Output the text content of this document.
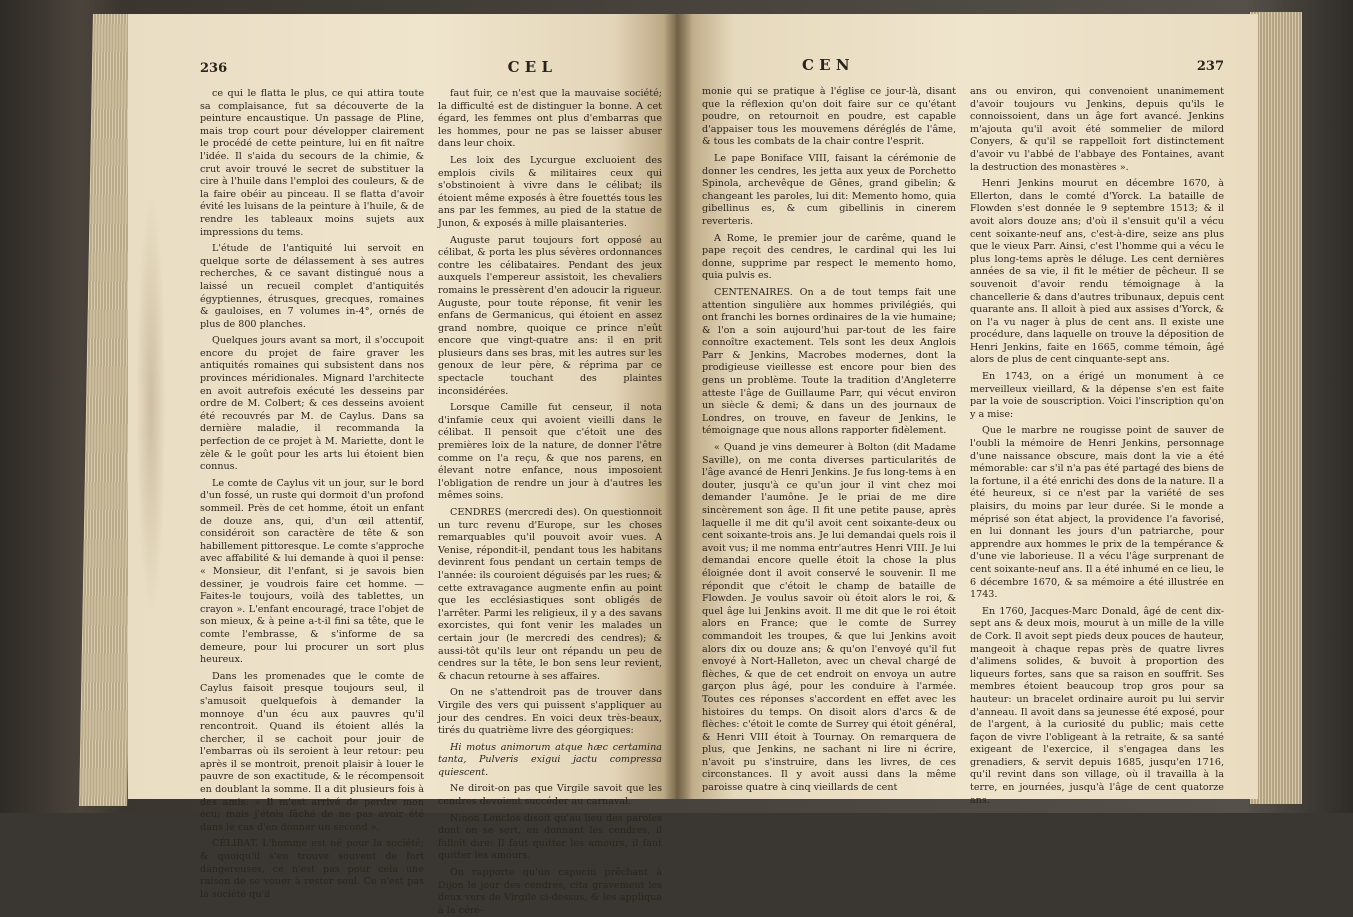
236	C E L

ce qui le flatta le plus, ce qui attira toute sa complaisance, fut sa découverte de la peinture encaustique. Un passage de Pline, mais trop court pour développer clairement le procédé de cette peinture, lui en fit naître l'idée. Il s'aida du secours de la chimie, & crut avoir trouvé le secret de substituer la cire à l'huile dans l'emploi des couleurs, & de la faire obéir au pinceau. Il se flatta d'avoir évité les luisans de la peinture à l'huile, & de rendre les tableaux moins sujets aux impressions du tems.

L'étude de l'antiquité lui servoit en quelque sorte de délassement à ses autres recherches, & ce savant distingué nous a laissé un recueil complet d'antiquités égyptiennes, étrusques, grecques, romaines & gauloises, en 7 volumes in-4°, ornés de plus de 800 planches.

Quelques jours avant sa mort, il s'occupoit encore du projet de faire graver les antiquités romaines qui subsistent dans nos provinces méridionales. Mignard l'architecte en avoit autrefois exécuté les desseins par ordre de M. Colbert; & ces desseins avoient été recouvrés par M. de Caylus. Dans sa dernière maladie, il recommanda la perfection de ce projet à M. Mariette, dont le zèle & le goût pour les arts lui étoient bien connus.

Le comte de Caylus vit un jour, sur le bord d'un fossé, un ruste qui dormoit d'un profond sommeil. Près de cet homme, étoit un enfant de douze ans, qui, d'un œil attentif, considéroit son caractère de tête & son habillement pittoresque. Le comte s'approche avec affabilité & lui demande à quoi il pense: « Monsieur, dit l'enfant, si je savois bien dessiner, je voudrois faire cet homme. — Faites-le toujours, voilà des tablettes, un crayon ». L'enfant encouragé, trace l'objet de son mieux, & à peine a-t-il fini sa tête, que le comte l'embrasse, & s'informe de sa demeure, pour lui procurer un sort plus heureux.

Dans les promenades que le comte de Caylus faisoit presque toujours seul, il s'amusoit quelquefois à demander la monnoye d'un écu aux pauvres qu'il rencontroit. Quand ils étoient allés la chercher, il se cachoit pour jouir de l'embarras où ils seroient à leur retour: peu après il se montroit, prenoit plaisir à louer le pauvre de son exactitude, & le récompensoit en doublant la somme. Il a dit plusieurs fois à des amis: « Il m'est arrivé de perdre mon écu; mais j'étois fâché de ne pas avoir été dans le cas d'en donner un second ».

CÉLIBAT. L'homme est né pour la société; & quoiqu'il s'en trouve souvent de fort dangereuses, ce n'est pas pour cela une raison de se vouer à rester seul. Ce n'est pas la société qu'il

faut fuir, ce n'est que la mauvaise société; la difficulté est de distinguer la bonne. A cet égard, les femmes ont plus d'embarras que les hommes, pour ne pas se laisser abuser dans leur choix.

Les loix des Lycurgue excluoient des emplois civils & militaires ceux qui s'obstinoient à vivre dans le célibat; ils étoient même exposés à être fouettés tous les ans par les femmes, au pied de la statue de Junon, & exposés à mille plaisanteries.

Auguste parut toujours fort opposé au célibat, & porta les plus sévères ordonnances contre les célibataires. Pendant des jeux auxquels l'empereur assistoit, les chevaliers romains le pressèrent d'en adoucir la rigueur. Auguste, pour toute réponse, fit venir les enfans de Germanicus, qui étoient en assez grand nombre, quoique ce prince n'eût encore que vingt-quatre ans: il en prit plusieurs dans ses bras, mit les autres sur les genoux de leur père, & réprima par ce spectacle touchant des plaintes inconsidérées.

Lorsque Camille fut censeur, il nota d'infamie ceux qui avoient vieilli dans le célibat. Il pensoit que c'étoit une des premières loix de la nature, de donner l'être comme on l'a reçu, & que nos parens, en élevant notre enfance, nous imposoient l'obligation de rendre un jour à d'autres les mêmes soins.

CENDRES (mercredi des). On questionnoit un turc revenu d'Europe, sur les choses remarquables qu'il pouvoit avoir vues. A Venise, répondit-il, pendant tous les habitans devinrent fous pendant un certain temps de l'année: ils couroient déguisés par les rues; & cette extravagance augmente enfin au point que les ecclésiastiques sont obligés de l'arrêter. Parmi les religieux, il y a des savans exorcistes, qui font venir les malades un certain jour (le mercredi des cendres); & aussi-tôt qu'ils leur ont répandu un peu de cendres sur la tête, le bon sens leur revient, & chacun retourne à ses affaires.

On ne s'attendroit pas de trouver dans Virgile des vers qui puissent s'appliquer au jour des cendres. En voici deux très-beaux, tirés du quatrième livre des géorgiques:

Hi motus animorum atque hæc certamina tanta, Pulveris exigui jactu compressa quiescent.

Ne diroit-on pas que Virgile savoit que les cendres devoient succéder au carnaval.

Ninon Lenclos disoit qu'au lieu des paroles dont on se sert, en donnant les cendres, il falloit dire: Il faut quitter les amours, il faut quitter les amours.

On rapporte qu'un capucin prêchant à Dijon le jour des cendres, cita gravement les deux vers de Virgile ci-dessus, & les appliqua à la céré-

C E N	237

monie qui se pratique à l'église ce jour-là, disant que la réflexion qu'on doit faire sur ce qu'étant poudre, on retournoit en poudre, est capable d'appaiser tous les mouvemens déréglés de l'âme, & tous les combats de la chair contre l'esprit.

Le pape Boniface VIII, faisant la cérémonie de donner les cendres, les jetta aux yeux de Porchetto Spinola, archevêque de Gênes, grand gibelin; & changeant les paroles, lui dit: Memento homo, quia gibellinus es, & cum gibellinis in cinerem reverteris.

A Rome, le premier jour de carême, quand le pape reçoit des cendres, le cardinal qui les lui donne, supprime par respect le memento homo, quia pulvis es.

CENTENAIRES. On a de tout temps fait une attention singulière aux hommes privilégiés, qui ont franchi les bornes ordinaires de la vie humaine; & l'on a soin aujourd'hui par-tout de les faire connoître exactement. Tels sont les deux Anglois Parr & Jenkins, Macrobes modernes, dont la prodigieuse vieillesse est encore pour bien des gens un problème. Toute la tradition d'Angleterre atteste l'âge de Guillaume Parr, qui vécut environ un siècle & demi; & dans un des journaux de Londres, on trouve, en faveur de Jenkins, le témoignage que nous allons rapporter fidèlement.

« Quand je vins demeurer à Bolton (dit Madame Saville), on me conta diverses particularités de l'âge avancé de Henri Jenkins. Je fus long-tems à en douter, jusqu'à ce qu'un jour il vint chez moi demander l'aumône. Je le priai de me dire sincèrement son âge. Il fit une petite pause, après laquelle il me dit qu'il avoit cent soixante-deux ou cent soixante-trois ans. Je lui demandai quels rois il avoit vus; il me nomma entr'autres Henri VIII. Je lui demandai encore quelle étoit la chose la plus éloignée dont il avoit conservé le souvenir. Il me répondit que c'étoit le champ de bataille de Flowden. Je voulus savoir où étoit alors le roi, & quel âge lui Jenkins avoit. Il me dit que le roi étoit alors en France; que le comte de Surrey commandoit les troupes, & que lui Jenkins avoit alors dix ou douze ans; & qu'on l'envoyé qu'il fut envoyé à Nort-Halleton, avec un cheval chargé de flèches, & que de cet endroit on envoya un autre garçon plus âgé, pour les conduire à l'armée. Toutes ces réponses s'accordent en effet avec les histoires du temps. On disoit alors d'arcs & de flèches: c'étoit le comte de Surrey qui étoit général, & Henri VIII étoit à Tournay. On remarquera de plus, que Jenkins, ne sachant ni lire ni écrire, n'avoit pu s'instruire, dans les livres, de ces circonstances. Il y avoit aussi dans la même paroisse quatre à cinq vieillards de cent

ans ou environ, qui convenoient unanimement d'avoir toujours vu Jenkins, depuis qu'ils le connoissoient, dans un âge fort avancé. Jenkins m'ajouta qu'il avoit été sommelier de milord Conyers, & qu'il se rappelloit fort distinctement d'avoir vu l'abbé de l'abbaye des Fontaines, avant la destruction des monastères ».

Henri Jenkins mourut en décembre 1670, à Ellerton, dans le comté d'Yorck. La bataille de Flowden s'est donnée le 9 septembre 1513; & il avoit alors douze ans; d'où il s'ensuit qu'il a vécu cent soixante-neuf ans, c'est-à-dire, seize ans plus que le vieux Parr. Ainsi, c'est l'homme qui a vécu le plus long-tems après le déluge. Les cent dernières années de sa vie, il fit le métier de pêcheur. Il se souvenoit d'avoir rendu témoignage à la chancellerie & dans d'autres tribunaux, depuis cent quarante ans. Il alloit à pied aux assises d'Yorck, & on l'a vu nager à plus de cent ans. Il existe une procédure, dans laquelle on trouve la déposition de Henri Jenkins, faite en 1665, comme témoin, âgé alors de plus de cent cinquante-sept ans.

En 1743, on a érigé un monument à ce merveilleux vieillard, & la dépense s'en est faite par la voie de souscription. Voici l'inscription qu'on y a mise:

Que le marbre ne rougisse point de sauver de l'oubli la mémoire de Henri Jenkins, personnage d'une naissance obscure, mais dont la vie a été mémorable: car s'il n'a pas été partagé des biens de la fortune, il a été enrichi des dons de la nature. Il a été heureux, si ce n'est par la variété de ses plaisirs, du moins par leur durée. Si le monde a méprisé son état abject, la providence l'a favorisé, en lui donnant les jours d'un patriarche, pour apprendre aux hommes le prix de la tempérance & d'une vie laborieuse. Il a vécu l'âge surprenant de cent soixante-neuf ans. Il a été inhumé en ce lieu, le 6 décembre 1670, & sa mémoire a été illustrée en 1743.

En 1760, Jacques-Marc Donald, âgé de cent dix-sept ans & deux mois, mourut à un mille de la ville de Cork. Il avoit sept pieds deux pouces de hauteur, mangeoit à chaque repas près de quatre livres d'alimens solides, & buvoit à proportion des liqueurs fortes, sans que sa raison en souffrit. Ses membres étoient beaucoup trop gros pour sa hauteur: un bracelet ordinaire auroit pu lui servir d'anneau. Il avoit dans sa jeunesse été exposé, pour de l'argent, à la curiosité du public; mais cette façon de vivre l'obligeant à la retraite, & sa santé exigeant de l'exercice, il s'engagea dans les grenadiers, & servit depuis 1685, jusqu'en 1716, qu'il revint dans son village, où il travailla à la terre, en journées, jusqu'à l'âge de cent quatorze ans.
